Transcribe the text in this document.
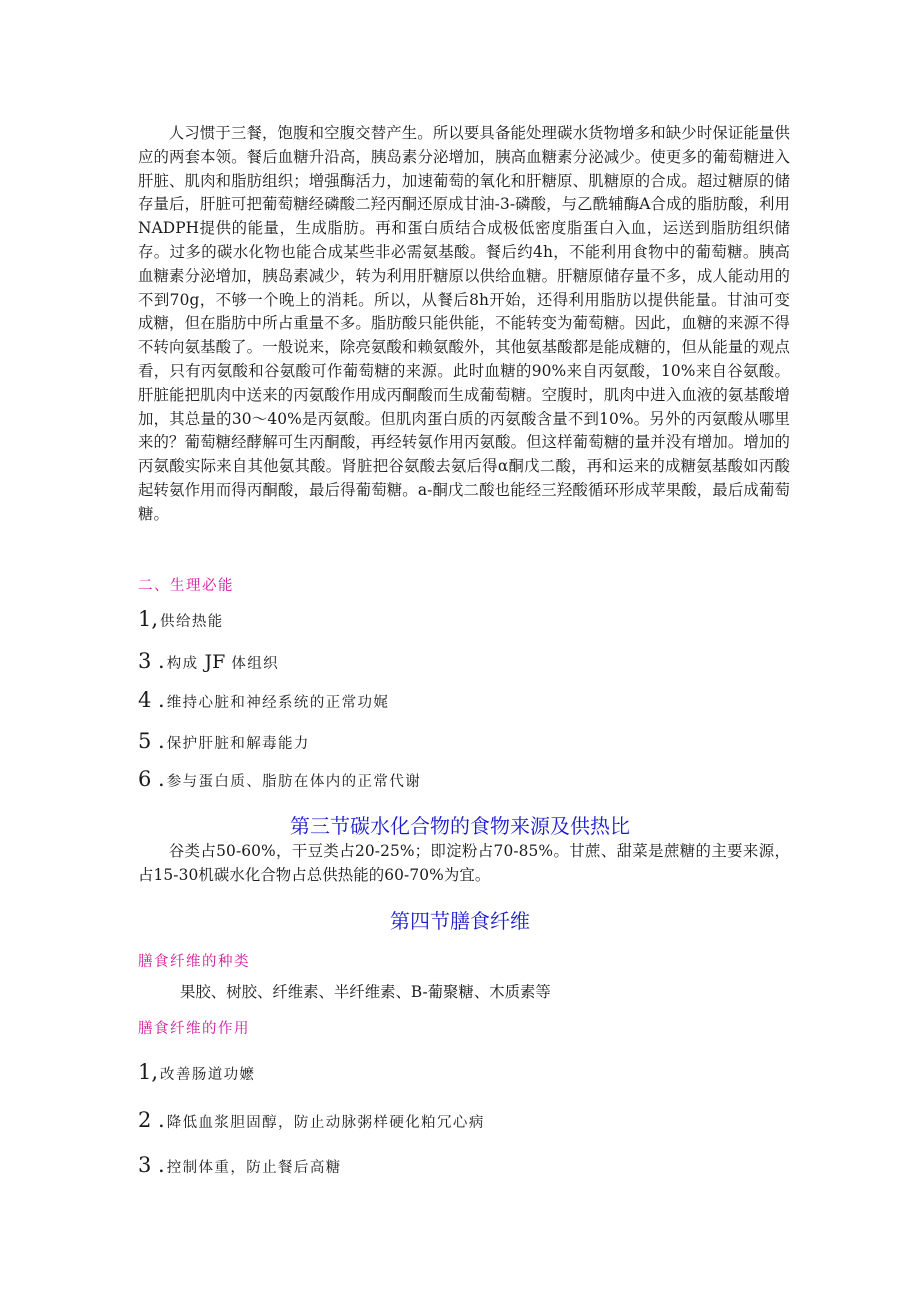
人习惯于三餐，饱腹和空腹交替产生。所以要具备能处理碳水货物增多和缺少时保证能量供应的两套本领。餐后血糖升沿高，胰岛素分泌增加，胰高血糖素分泌减少。使更多的葡萄糖进入肝脏、肌肉和脂肪组织；增强酶活力，加速葡萄的氧化和肝糖原、肌糖原的合成。超过糖原的储存量后，肝脏可把葡萄糖经磷酸二羟丙酮还原成甘油-3-磷酸，与乙酰辅酶A合成的脂肪酸，利用NADPH提供的能量，生成脂肪。再和蛋白质结合成极低密度脂蛋白入血，运送到脂肪组织储存。过多的碳水化物也能合成某些非必需氨基酸。餐后约4h，不能利用食物中的葡萄糖。胰高血糖素分泌增加，胰岛素减少，转为利用肝糖原以供给血糖。肝糖原储存量不多，成人能动用的不到70g，不够一个晚上的消耗。所以，从餐后8h开始，还得利用脂肪以提供能量。甘油可变成糖，但在脂肪中所占重量不多。脂肪酸只能供能，不能转变为葡萄糖。因此，血糖的来源不得不转向氨基酸了。一般说来，除亮氨酸和赖氨酸外，其他氨基酸都是能成糖的，但从能量的观点看，只有丙氨酸和谷氨酸可作葡萄糖的来源。此时血糖的90%来自丙氨酸，10%来自谷氨酸。肝脏能把肌肉中送来的丙氨酸作用成丙酮酸而生成葡萄糖。空腹时，肌肉中进入血液的氨基酸增加，其总量的30～40%是丙氨酸。但肌肉蛋白质的丙氨酸含量不到10%。另外的丙氨酸从哪里来的？葡萄糖经酵解可生丙酮酸，再经转氨作用丙氨酸。但这样葡萄糖的量并没有增加。增加的丙氨酸实际来自其他氨其酸。肾脏把谷氨酸去氨后得α酮戊二酸，再和运来的成糖氨基酸如丙酸起转氨作用而得丙酮酸，最后得葡萄糖。a-酮戊二酸也能经三羟酸循环形成苹果酸，最后成葡萄糖。

二、生理必能

1, 供给热能

3 . 构成 JF 体组织

4 . 维持心脏和神经系统的正常功娓

5 . 保护肝脏和解毒能力

6 . 参与蛋白质、脂肪在体内的正常代谢

第三节碳水化合物的食物来源及供热比

谷类占50-60%，干豆类占20-25%；即淀粉占70-85%。甘蔗、甜菜是蔗糖的主要来源，占15-30机碳水化合物占总供热能的60-70%为宜。

第四节膳食纤维

膳食纤维的种类

果胶、树胶、纤维素、半纤维素、B-葡聚糖、木质素等

膳食纤维的作用

1, 改善肠道功嬷

2 . 降低血浆胆固醇，防止动脉粥样硬化粕冗心病

3 . 控制体重，防止餐后高糖
